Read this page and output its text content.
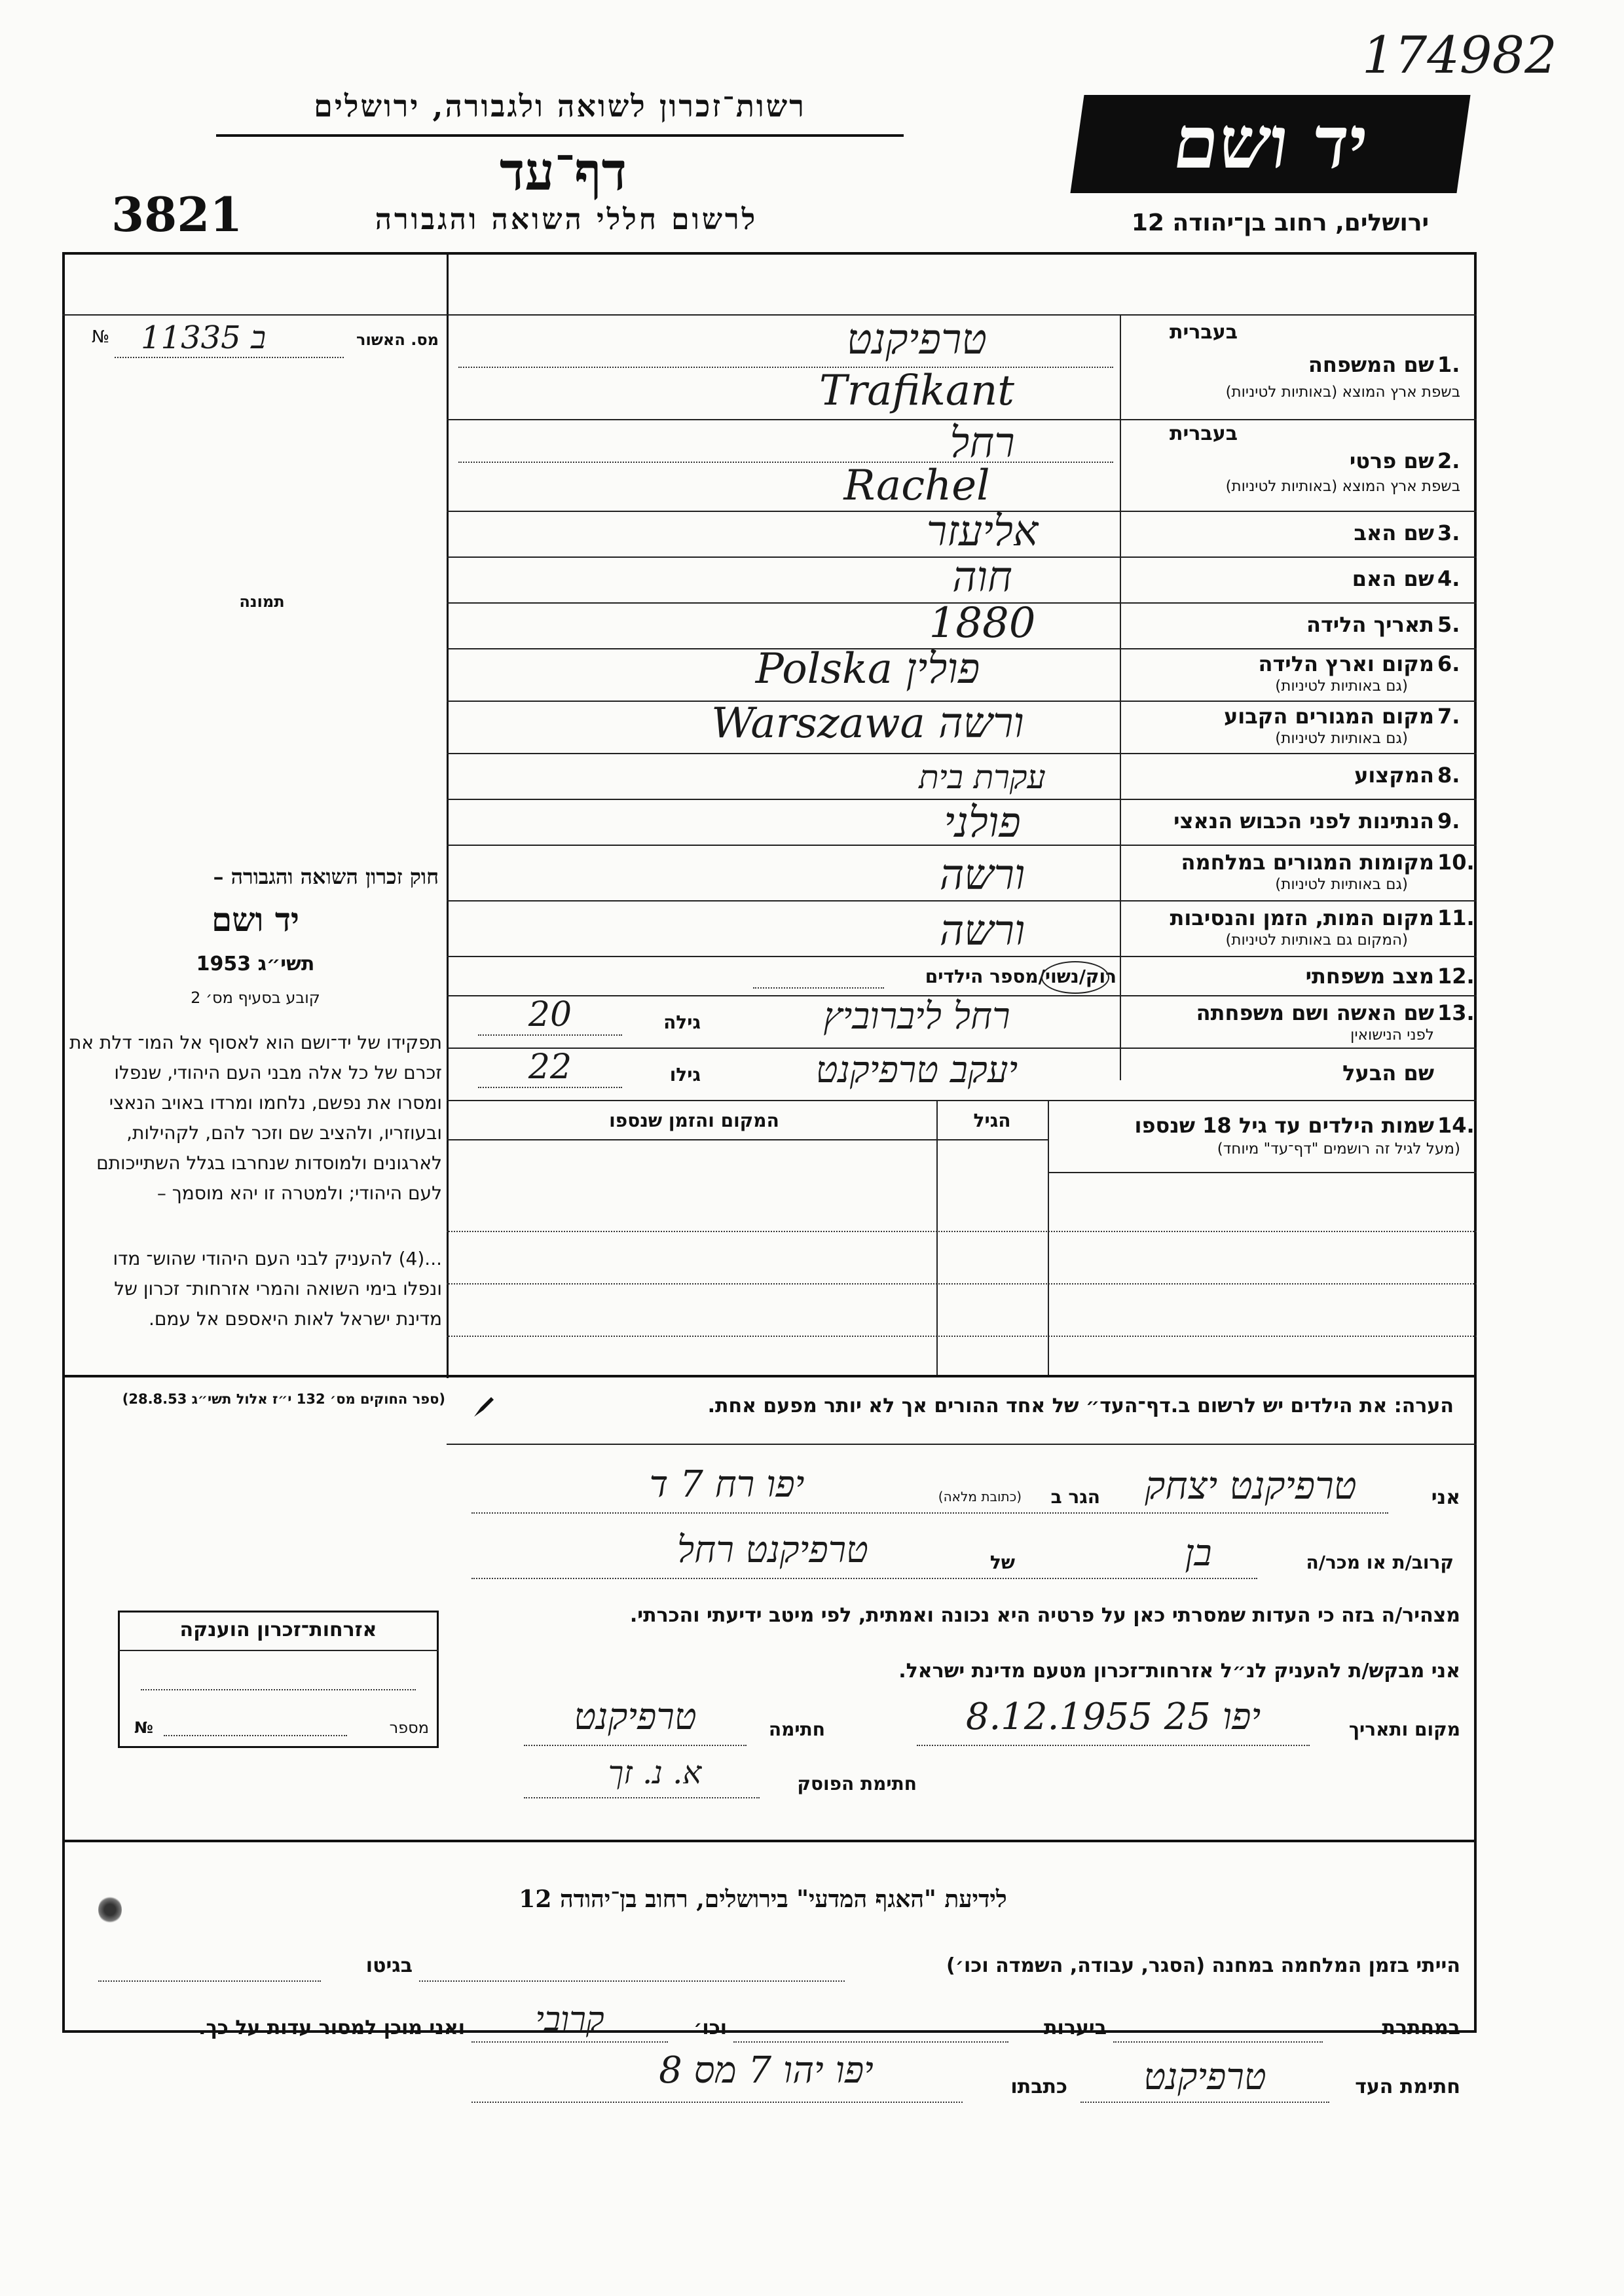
174982
רשות־זכרון לשואה ולגבורה, ירושלים
דף־עד
3821	לרשום חללי השואה והגבורה
יד ושם
ירושלים, רחוב בן־יהודה 12
№ 11335 ב	מס. האשור
תמונה
חוק זכרון השואה והגבורה –
יד ושם
1953 תשי״ג
קובע בסעיף מס׳ 2
תפקידו של יד־ושם הוא לאסוף אל המו־ דלת את זכרם של כל אלה מבני העם היהודי, שנפלו ומסרו את נפשם, נלחמו ומרדו באויב הנאצי ובעוזריו, ולהציב שם וזכר להם, לקהילות, לארגונים ולמוסדות שנחרבו בגלל השתייכותם לעם היהודי; ולמטרה זו יהא מוסמך –
...(4) להעניק לבני העם היהודי שהוש־ מדו ונפלו בימי השואה והמרי אזרחות־ זכרון של מדינת ישראל לאות היאספם אל עמם.
(ספר החוקים מס׳ 132 י״ז אלול תשי״ג 28.8.53)
אזרחות־זכרון הוענקה
№	מספר
בעברית
שם המשפחה 1.
בשפת ארץ המוצא (באותיות לטיניות)
טרפיקנט
Trafikant
בעברית
שם פרטי 2.
בשפת ארץ המוצא (באותיות לטיניות)
רחל
Rachel
שם האב 3.
אליעזר
שם האם 4.
חוה
תאריך הלידה 5.
1880
מקום וארץ הלידה 6.
(גם באותיות לטיניות)
Polska פולין
מקום המגורים הקבוע 7.
(גם באותיות לטיניות)
Warszawa ורשה
המקצוע 8.
עקרת בית
הנתינות לפני הכבוש הנאצי 9.
פולני
מקומות המגורים במלחמה 10.
(גם באותיות לטיניות)
ורשה
מקום המות, הזמן והנסיבות 11.
(המקום גם באותיות לטיניות)
ורשה
מצב משפחתי 12.
רוק/נשוי/מספר הילדים
שם האשה ושם משפחתה 13.
לפני הנישואין
רחל ליברוביץ
גילה
20
שם הבעל
יעקב טרפיקנט
גילו
22
שמות הילדים עד גיל 18 שנספו 14.
(מעל לגיל זה רושמים "דף־עד" מיוחד)
הגיל
המקום והזמן שנספו
הערה: את הילדים יש לרשום ב.דף־העד״ של אחד ההורים אך לא יותר מפעם אחת.
אני
טרפיקנט יצחק
הגר ב
(כתובת מלאה)
יפו רח 7 ד
קרוב/ת או מכר/ה
בן
של
טרפיקנט רחל
מצהיר/ה בזה כי העדות שמסרתי כאן על פרטיה היא נכונה ואמתית, לפי מיטב ידיעתי והכרתי.
אני מבקש/ת להעניק לנ״ל אזרחות־זכרון מטעם מדינת ישראל.
מקום ותאריך
יפו 25 8.12.1955
חתימה
טרפיקנט
חתימת הפוסק
א. נ. זך
לידיעת "האגף המדעי" בירושלים, רחוב בן־יהודה 12
הייתי בזמן המלחמה במחנה (הסגר, עבודה, השמדה וכו׳)
בגיטו
במחתרת
ביערות
וכו׳
קרובי
ואני מוכן למסור עדות על כך.
חתימת העד
טרפיקנט
כתבתו
יפו יהו 7 מס 8
